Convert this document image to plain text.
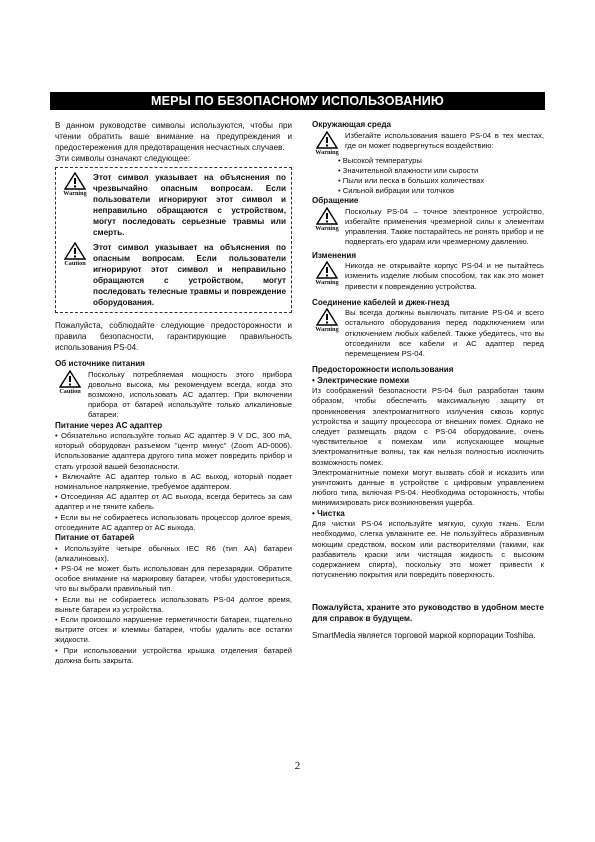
МЕРЫ ПО БЕЗОПАСНОМУ ИСПОЛЬЗОВАНИЮ

В данном руководстве символы используются, чтобы при чтении обратить ваше внимание на предупреждения и предостережения для предотвращения несчастных случаев.

Эти символы означают следующее:

Warning
Этот символ указывает на объяснения по чрезвычайно опасным вопросам. Если пользователи игнорируют этот символ и неправильно обращаются с устройством, могут последовать серьезные травмы или смерть.
Caution
Этот символ указывает на объяснения по опасным вопросам. Если пользователи игнорируют этот символ и неправильно обращаются с устройством, могут последовать телесные травмы и повреждение оборудования.

Пожалуйста, соблюдайте следующие предосторожности и правила безопасности, гарантирующие правильность использования PS-04.

Об источнике питания

Caution

Поскольку потребляемая мощность этого прибора довольно высока, мы рекомендуем всегда, когда это возможно, использовать AC адаптер. При включении прибора от батарей используйте только алкалиновые батареи.

Питание через AC адаптер

• Обязательно используйте только AC адаптер 9 V DC, 300 mA, который оборудован разъемом "центр минус" (Zoom AD-0006). Использование адаптера другого типа может повредить прибор и стать угрозой вашей безопасности.

• Включайте AC адаптер только в AC выход, который подает номинальное напряжение, требуемое адаптером.

• Отсоединяя AC адаптер от AC выхода, всегда беритесь за сам адаптер и не тяните кабель.

• Если вы не собираетесь использовать процессор долгое время, отсоедините AC адаптер от AC выхода.

Питание от батарей

• Используйте четыре обычных IEC R6 (тип AA) батареи (алкалиновых).

• PS-04 не может быть использован для перезарядки. Обратите особое внимание на маркировку батареи, чтобы удостовериться, что вы выбрали правильный тип.

• Если вы не собираетесь использовать PS-04 долгое время, выньте батареи из устройства.

• Если произошло нарушение герметичности батареи, тщательно вытрите отсек и клеммы батареи, чтобы удалить все остатки жидкости.

• При использовании устройства крышка отделения батарей должна быть закрыта.

Окружающая среда

Warning

Избегайте использования вашего PS-04 в тех местах, где он может подвергнуться воздействию:

• Высокой температуры
• Значительной влажности или сырости
• Пыли или песка в больших количествах
• Сильной вибрации или толчков

Обращение

Warning

Поскольку PS-04 – точное электронное устройство, избегайте применения чрезмерной силы к элементам управления. Также постарайтесь не ронять прибор и не подвергать его ударам или чрезмерному давлению.

Изменения

Warning

Никогда не открывайте корпус PS-04 и не пытайтесь изменить изделие любым способом, так как это может привести к повреждению устройства.

Соединение кабелей и джек-гнезд

Warning

Вы всегда должны выключать питание PS-04 и всего остального оборудования перед подключением или отключением любых кабелей. Также убедитесь, что вы отсоединили все кабели и AC адаптер перед перемещением PS-04.

Предосторожности использования

• Электрические помехи

Из соображений безопасности PS-04 был разработан таким образом, чтобы обеспечить максимальную защиту от проникновения электромагнитного излучения сквозь корпус устройства и защиту процессора от внешних помех. Однако не следует размещать рядом с PS-04 оборудование, очень чувствительное к помехам или испускающее мощные электромагнитные волны, так как нельзя полностью исключить возможность помех.

Электромагнитные помехи могут вызвать сбой и исказить или уничтожить данные в устройстве с цифровым управлением любого типа, включая PS-04. Необходима осторожность, чтобы минимизировать риск возникновения ущерба.

• Чистка

Для чистки PS-04 используйте мягкую, сухую ткань. Если необходимо, слегка увлажните ее. Не пользуйтесь абразивным моющим средством, воском или растворителями (такими, как разбавитель краски или чистящая жидкость с высоким содержанием спирта), поскольку это может привести к потускнению покрытия или повредить поверхность.

Пожалуйста, храните это руководство в удобном месте для справок в будущем.

SmartMedia является торговой маркой корпорации Toshiba.

2
